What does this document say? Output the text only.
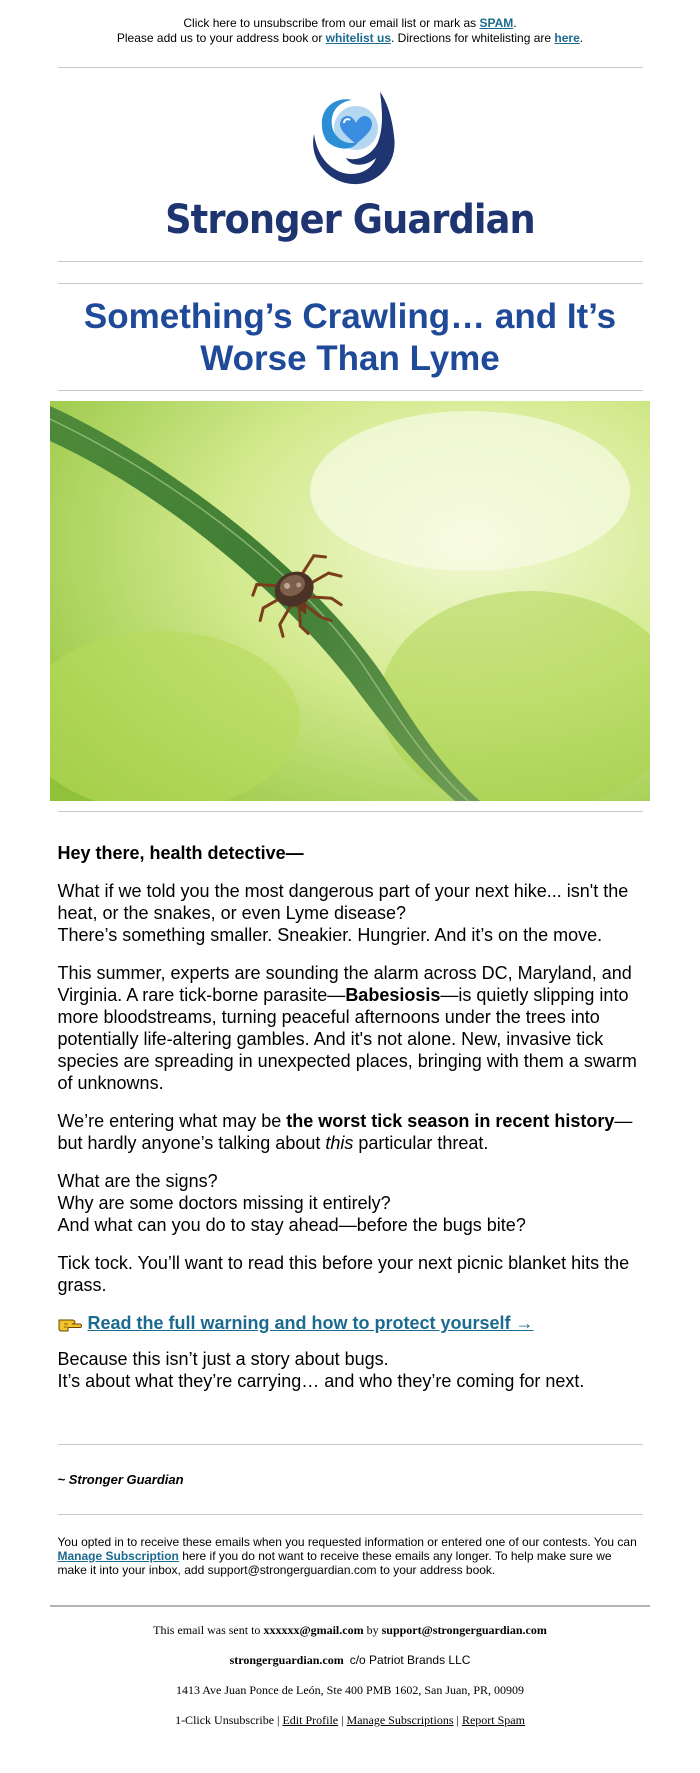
Click here to unsubscribe from our email list or mark as SPAM.
Please add us to your address book or whitelist us. Directions for whitelisting are here.
Stronger Guardian
Something’s Crawling… and It’s Worse Than Lyme

Hey there, health detective—

What if we told you the most dangerous part of your next hike... isn't the heat, or the snakes, or even Lyme disease?
There’s something smaller. Sneakier. Hungrier. And it’s on the move.

This summer, experts are sounding the alarm across DC, Maryland, and Virginia. A rare tick-borne parasite—Babesiosis—is quietly slipping into more bloodstreams, turning peaceful afternoons under the trees into potentially life-altering gambles. And it's not alone. New, invasive tick species are spreading in unexpected places, bringing with them a swarm of unknowns.

We’re entering what may be the worst tick season in recent history—but hardly anyone’s talking about this particular threat.

What are the signs?
Why are some doctors missing it entirely?
And what can you do to stay ahead—before the bugs bite?

Tick tock. You’ll want to read this before your next picnic blanket hits the grass.

Read the full warning and how to protect yourself →

Because this isn’t just a story about bugs.
It’s about what they’re carrying… and who they’re coming for next.

~ Stronger Guardian
You opted in to receive these emails when you requested information or entered one of our contests. You can Manage Subscription here if you do not want to receive these emails any longer. To help make sure we make it into your inbox, add support@strongerguardian.com to your address book.

This email was sent to xxxxxx@gmail.com by support@strongerguardian.com

strongerguardian.com c/o Patriot Brands LLC

1413 Ave Juan Ponce de León, Ste 400 PMB 1602, San Juan, PR, 00909

1-Click Unsubscribe | Edit Profile | Manage Subscriptions | Report Spam
